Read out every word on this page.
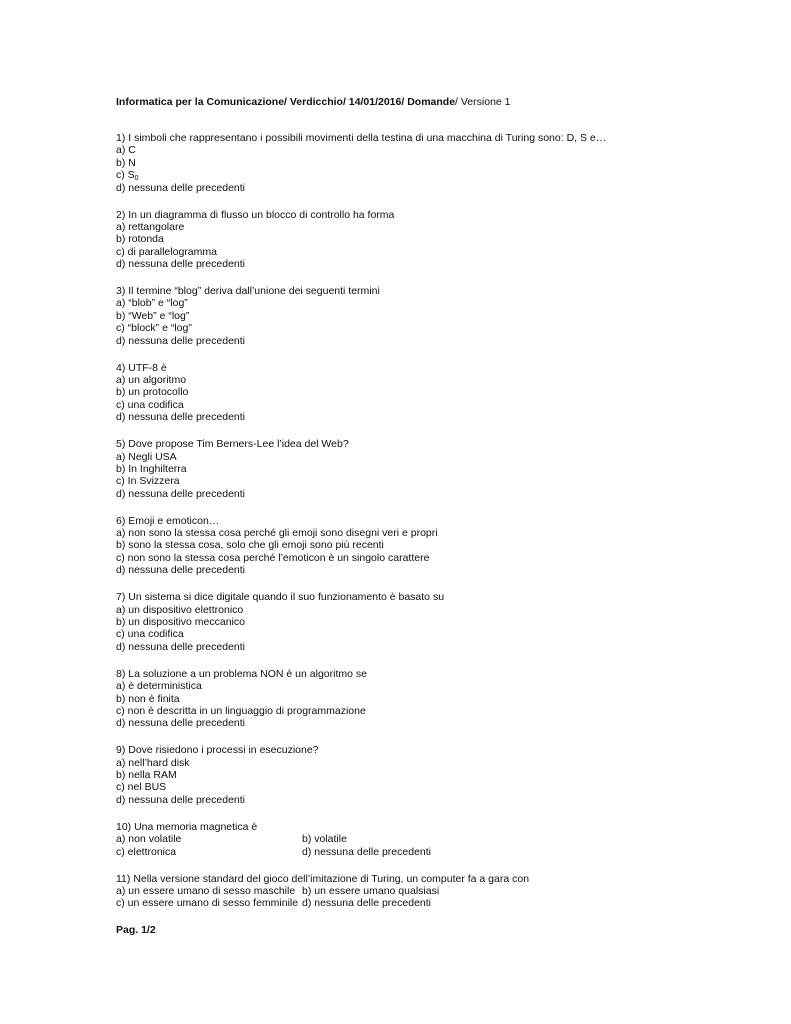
Informatica per la Comunicazione/ Verdicchio/ 14/01/2016/ Domande/ Versione 1
1) I simboli che rappresentano i possibili movimenti della testina di una macchina di Turing sono: D, S e…
a) C
b) N
c) $S_0$
d) nessuna delle precedenti
2) In un diagramma di flusso un blocco di controllo ha forma
a) rettangolare
b) rotonda
c) di parallelogramma
d) nessuna delle precedenti
3) Il termine “blog” deriva dall’unione dei seguenti termini
a) “blob” e “log”
b) “Web” e “log”
c) “block” e “log”
d) nessuna delle precedenti
4) UTF-8 è
a) un algoritmo
b) un protocollo
c) una codifica
d) nessuna delle precedenti
5) Dove propose Tim Berners-Lee l’idea del Web?
a) Negli USA
b) In Inghilterra
c) In Svizzera
d) nessuna delle precedenti
6) Emoji e emoticon…
a) non sono la stessa cosa perché gli emoji sono disegni veri e propri
b) sono la stessa cosa, solo che gli emoji sono più recenti
c) non sono la stessa cosa perché l’emoticon è un singolo carattere
d) nessuna delle precedenti
7) Un sistema si dice digitale quando il suo funzionamento è basato su
a) un dispositivo elettronico
b) un dispositivo meccanico
c) una codifica
d) nessuna delle precedenti
8) La soluzione a un problema NON è un algoritmo se
a) è deterministica
b) non è finita
c) non è descritta in un linguaggio di programmazione
d) nessuna delle precedenti
9) Dove risiedono i processi in esecuzione?
a) nell’hard disk
b) nella RAM
c) nel BUS
d) nessuna delle precedenti
10) Una memoria magnetica è
a) non volatile	b) volatile
c) elettronica	d) nessuna delle precedenti
11) Nella versione standard del gioco dell’imitazione di Turing, un computer fa a gara con
a) un essere umano di sesso maschile b) un essere umano qualsiasi
c) un essere umano di sesso femminile d) nessuna delle precedenti
Pag. 1/2
